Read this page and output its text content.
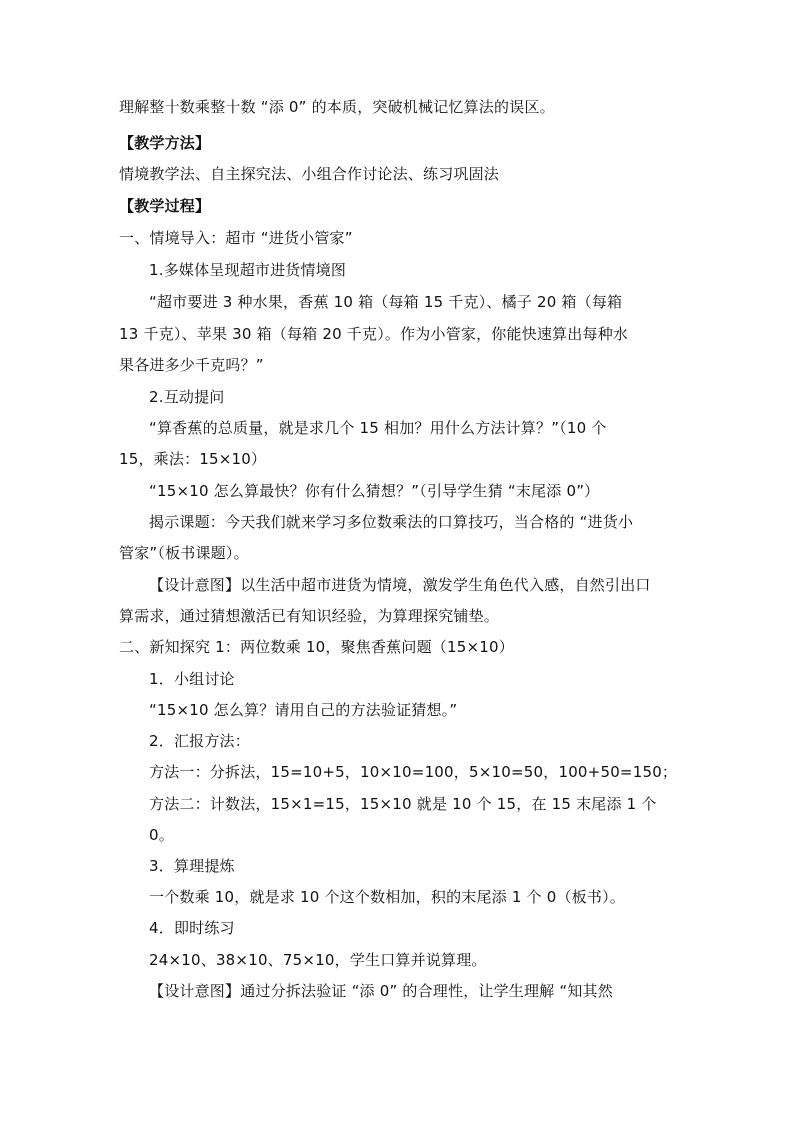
理解整十数乘整十数 “添 0” 的本质，突破机械记忆算法的误区。
【教学方法】
情境教学法、自主探究法、小组合作讨论法、练习巩固法
【教学过程】
一、情境导入：超市 “进货小管家”
1.多媒体呈现超市进货情境图
“超市要进 3 种水果，香蕉 10 箱（每箱 15 千克）、橘子 20 箱（每箱
13 千克）、苹果 30 箱（每箱 20 千克）。作为小管家，你能快速算出每种水
果各进多少千克吗？”
2.互动提问
“算香蕉的总质量，就是求几个 15 相加？用什么方法计算？”（10 个
15，乘法：15×10）
“15×10 怎么算最快？你有什么猜想？”（引导学生猜 “末尾添 0”）
揭示课题：今天我们就来学习多位数乘法的口算技巧，当合格的 “进货小
管家”（板书课题）。
【设计意图】以生活中超市进货为情境，激发学生角色代入感，自然引出口
算需求，通过猜想激活已有知识经验，为算理探究铺垫。
二、新知探究 1：两位数乘 10，聚焦香蕉问题（15×10）
1．小组讨论
“15×10 怎么算？请用自己的方法验证猜想。”
2．汇报方法：
方法一：分拆法，15=10+5，10×10=100，5×10=50，100+50=150；
方法二：计数法，15×1=15，15×10 就是 10 个 15，在 15 末尾添 1 个
0。
3．算理提炼
一个数乘 10，就是求 10 个这个数相加，积的末尾添 1 个 0（板书）。
4．即时练习
24×10、38×10、75×10，学生口算并说算理。
【设计意图】通过分拆法验证 “添 0” 的合理性，让学生理解 “知其然
